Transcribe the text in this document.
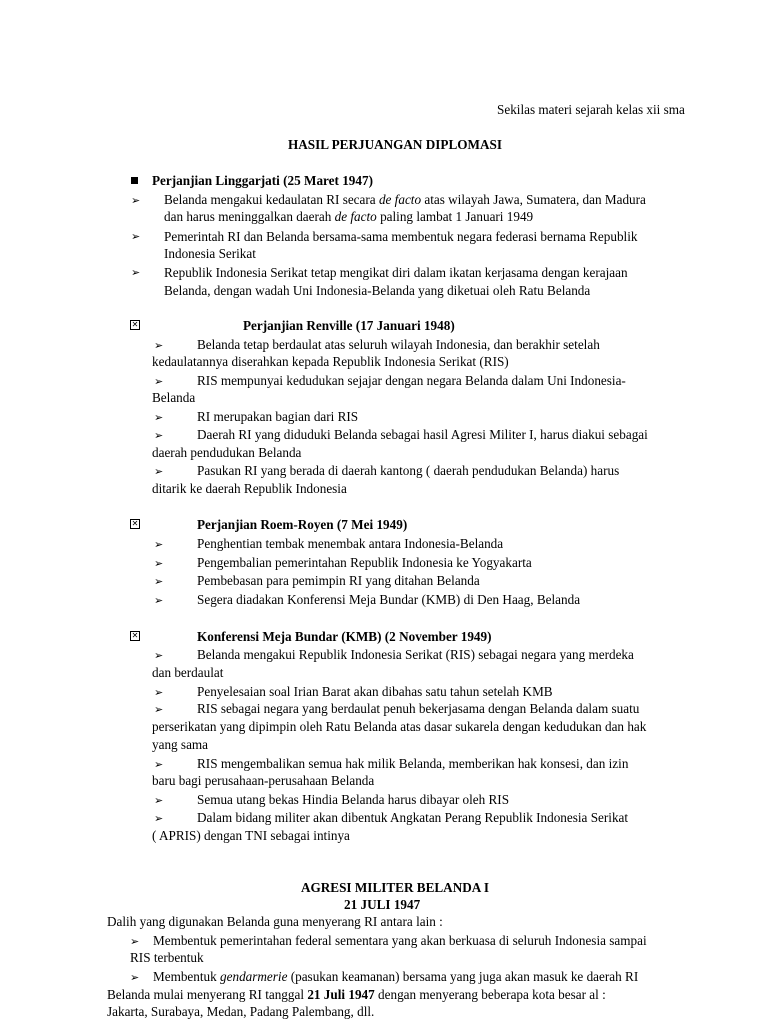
Sekilas materi sejarah kelas xii sma
HASIL PERJUANGAN DIPLOMASI
Perjanjian Linggarjati (25 Maret 1947)
➢ Belanda mengakui kedaulatan RI secara de facto atas wilayah Jawa, Sumatera, dan Madura
dan harus meninggalkan daerah de facto paling lambat 1 Januari 1949
➢ Pemerintah RI dan Belanda bersama-sama membentuk negara federasi bernama Republik
Indonesia Serikat
➢ Republik Indonesia Serikat tetap mengikat diri dalam ikatan kerjasama dengan kerajaan
Belanda, dengan wadah Uni Indonesia-Belanda yang diketuai oleh Ratu Belanda
✕	Perjanjian Renville (17 Januari 1948)
➢	Belanda tetap berdaulat atas seluruh wilayah Indonesia, dan berakhir setelah
kedaulatannya diserahkan kepada Republik Indonesia Serikat (RIS)
➢	RIS mempunyai kedudukan sejajar dengan negara Belanda dalam Uni Indonesia-
Belanda
➢	RI merupakan bagian dari RIS
➢	Daerah RI yang diduduki Belanda sebagai hasil Agresi Militer I, harus diakui sebagai
daerah pendudukan Belanda
➢	Pasukan RI yang berada di daerah kantong ( daerah pendudukan Belanda) harus
ditarik ke daerah Republik Indonesia
✕	Perjanjian Roem-Royen (7 Mei 1949)
➢	Penghentian tembak menembak antara Indonesia-Belanda
➢	Pengembalian pemerintahan Republik Indonesia ke Yogyakarta
➢	Pembebasan para pemimpin RI yang ditahan Belanda
➢	Segera diadakan Konferensi Meja Bundar (KMB) di Den Haag, Belanda
✕	Konferensi Meja Bundar (KMB) (2 November 1949)
➢	Belanda mengakui Republik Indonesia Serikat (RIS) sebagai negara yang merdeka
dan berdaulat
➢	Penyelesaian soal Irian Barat akan dibahas satu tahun setelah KMB
➢	RIS sebagai negara yang berdaulat penuh bekerjasama dengan Belanda dalam suatu
perserikatan yang dipimpin oleh Ratu Belanda atas dasar sukarela dengan kedudukan dan hak
yang sama
➢	RIS mengembalikan semua hak milik Belanda, memberikan hak konsesi, dan izin
baru bagi perusahaan-perusahaan Belanda
➢	Semua utang bekas Hindia Belanda harus dibayar oleh RIS
➢	Dalam bidang militer akan dibentuk Angkatan Perang Republik Indonesia Serikat
( APRIS) dengan TNI sebagai intinya
AGRESI MILITER BELANDA I
21 JULI 1947
Dalih yang digunakan Belanda guna menyerang RI antara lain :
➢ Membentuk pemerintahan federal sementara yang akan berkuasa di seluruh Indonesia sampai
RIS terbentuk
➢ Membentuk gendarmerie (pasukan keamanan) bersama yang juga akan masuk ke daerah RI
Belanda mulai menyerang RI tanggal 21 Juli 1947 dengan menyerang beberapa kota besar al :
Jakarta, Surabaya, Medan, Padang Palembang, dll.
